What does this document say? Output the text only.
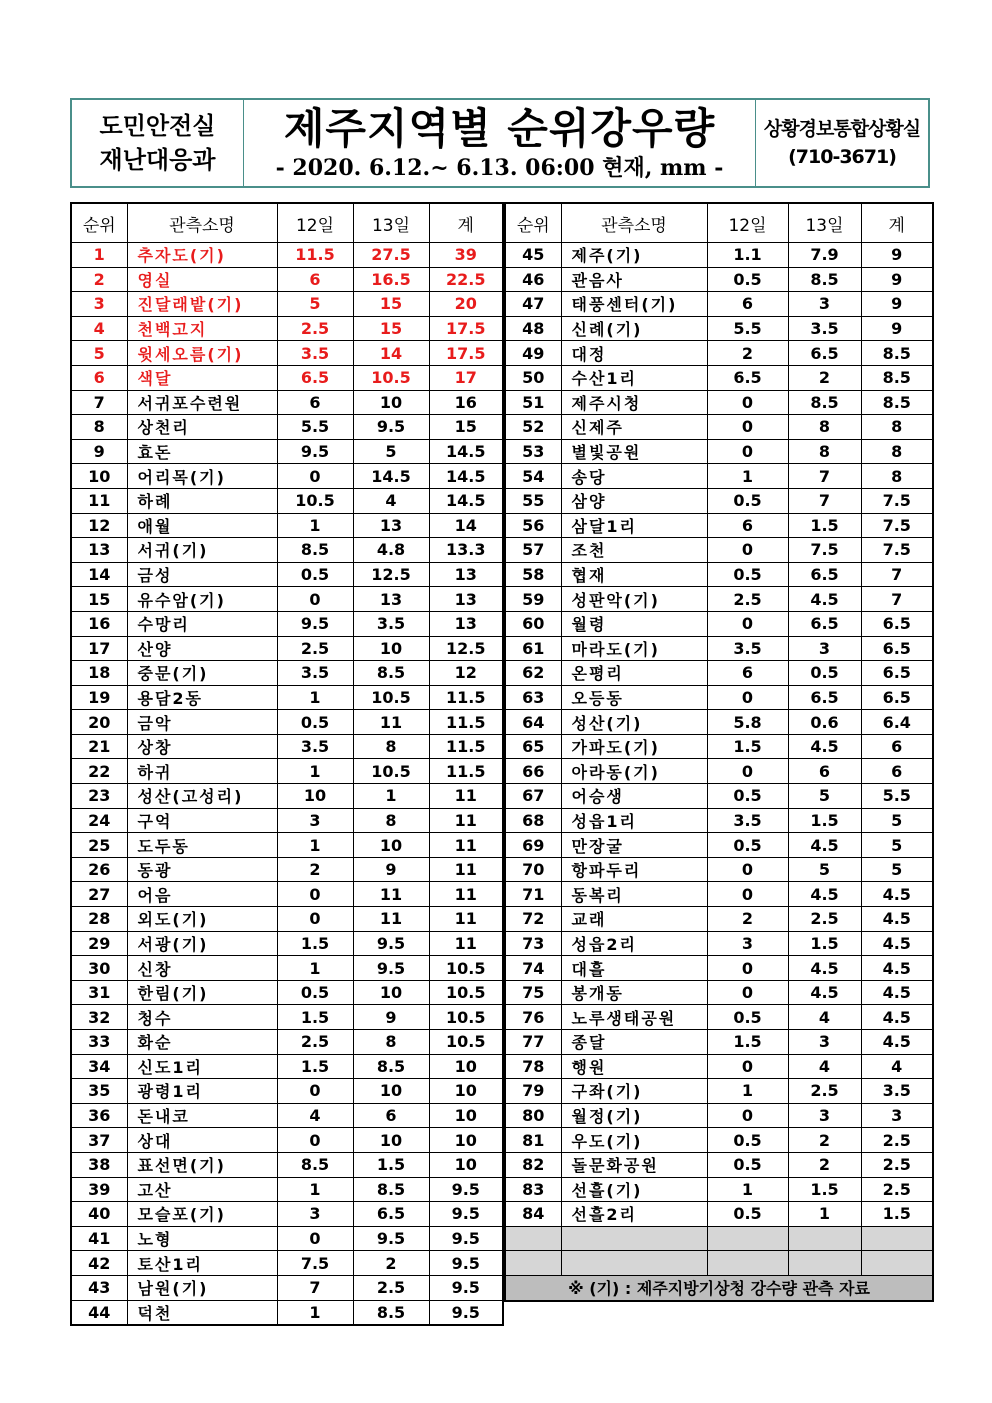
도민안전실
재난대응과
제주지역별 순위강우량
- 2020. 6.12.~ 6.13. 06:00 현재, mm -
상황경보통합상황실
(710-3671)
순위	관측소명	12일	13일	계
1	추자도(기)	11.5	27.5	39
2	영실	6	16.5	22.5
3	진달래밭(기)	5	15	20
4	천백고지	2.5	15	17.5
5	윗세오름(기)	3.5	14	17.5
6	색달	6.5	10.5	17
7	서귀포수련원	6	10	16
8	상천리	5.5	9.5	15
9	효돈	9.5	5	14.5
10	어리목(기)	0	14.5	14.5
11	하례	10.5	4	14.5
12	애월	1	13	14
13	서귀(기)	8.5	4.8	13.3
14	금성	0.5	12.5	13
15	유수암(기)	0	13	13
16	수망리	9.5	3.5	13
17	산양	2.5	10	12.5
18	중문(기)	3.5	8.5	12
19	용담2동	1	10.5	11.5
20	금악	0.5	11	11.5
21	상창	3.5	8	11.5
22	하귀	1	10.5	11.5
23	성산(고성리)	10	1	11
24	구억	3	8	11
25	도두동	1	10	11
26	동광	2	9	11
27	어음	0	11	11
28	외도(기)	0	11	11
29	서광(기)	1.5	9.5	11
30	신창	1	9.5	10.5
31	한림(기)	0.5	10	10.5
32	청수	1.5	9	10.5
33	화순	2.5	8	10.5
34	신도1리	1.5	8.5	10
35	광령1리	0	10	10
36	돈내코	4	6	10
37	상대	0	10	10
38	표선면(기)	8.5	1.5	10
39	고산	1	8.5	9.5
40	모슬포(기)	3	6.5	9.5
41	노형	0	9.5	9.5
42	토산1리	7.5	2	9.5
43	남원(기)	7	2.5	9.5
44	덕천	1	8.5	9.5
순위	관측소명	12일	13일	계
45	제주(기)	1.1	7.9	9
46	관음사	0.5	8.5	9
47	태풍센터(기)	6	3	9
48	신례(기)	5.5	3.5	9
49	대정	2	6.5	8.5
50	수산1리	6.5	2	8.5
51	제주시청	0	8.5	8.5
52	신제주	0	8	8
53	별빛공원	0	8	8
54	송당	1	7	8
55	삼양	0.5	7	7.5
56	삼달1리	6	1.5	7.5
57	조천	0	7.5	7.5
58	협재	0.5	6.5	7
59	성판악(기)	2.5	4.5	7
60	월령	0	6.5	6.5
61	마라도(기)	3.5	3	6.5
62	온평리	6	0.5	6.5
63	오등동	0	6.5	6.5
64	성산(기)	5.8	0.6	6.4
65	가파도(기)	1.5	4.5	6
66	아라동(기)	0	6	6
67	어승생	0.5	5	5.5
68	성읍1리	3.5	1.5	5
69	만장굴	0.5	4.5	5
70	항파두리	0	5	5
71	동복리	0	4.5	4.5
72	교래	2	2.5	4.5
73	성읍2리	3	1.5	4.5
74	대흘	0	4.5	4.5
75	봉개동	0	4.5	4.5
76	노루생태공원	0.5	4	4.5
77	종달	1.5	3	4.5
78	행원	0	4	4
79	구좌(기)	1	2.5	3.5
80	월정(기)	0	3	3
81	우도(기)	0.5	2	2.5
82	돌문화공원	0.5	2	2.5
83	선흘(기)	1	1.5	2.5
84	선흘2리	0.5	1	1.5

※ (기) : 제주지방기상청 강수량 관측 자료				
